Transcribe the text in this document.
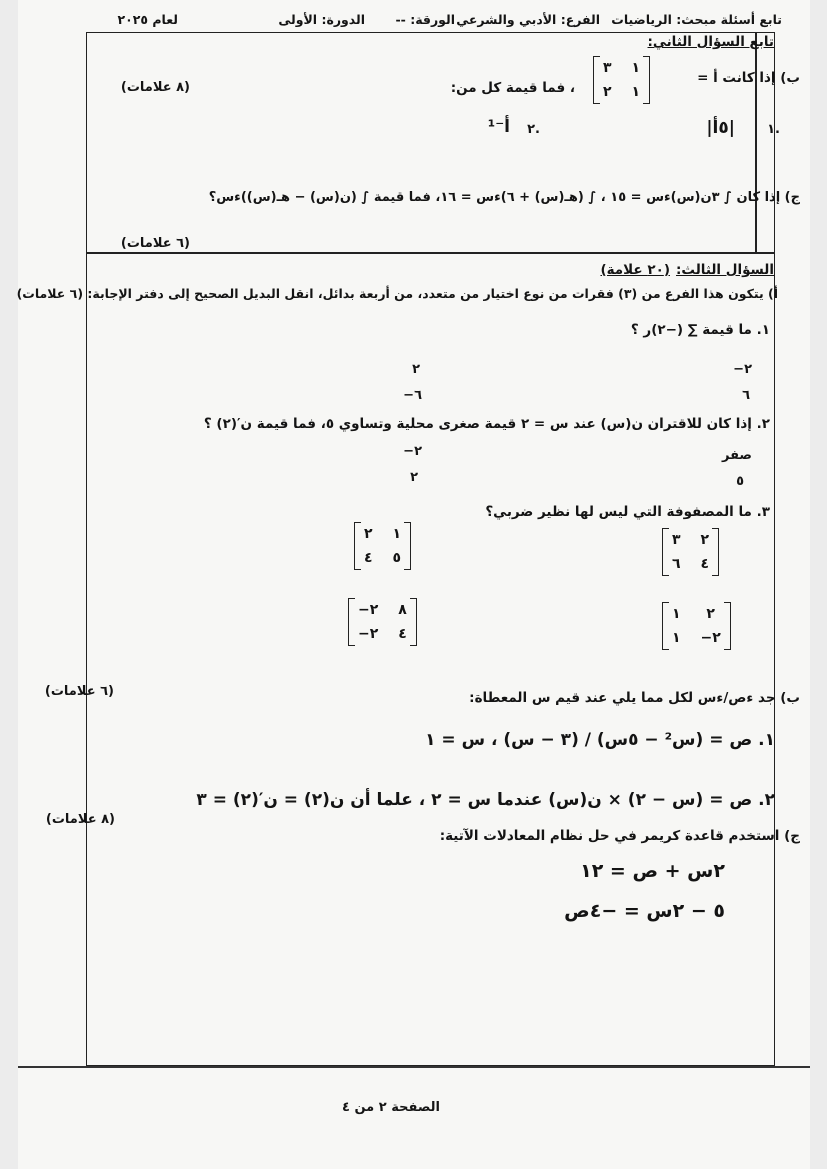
تابع أسئلة مبحث: الرياضيات
الفرع: الأدبي والشرعي
الورقة: --
الدورة: الأولى
لعام ٢٠٢٥
تابع السؤال الثاني:
ب) إذا كانت أ =
٣	١
٢	١
، فما قيمة كل من:
(٨ علامات)
١.
|٥أ|
٢.
أ⁻¹
ج) إذا كان ∫ ٣ن(س)ءس = ١٥ ، ∫ (هـ(س) + ٦)ءس = ١٦، فما قيمة ∫ (ن(س) − هـ(س))ءس؟
(٦ علامات)
السؤال الثالث:
(٢٠ علامة)
أ) يتكون هذا الفرع من (٣) فقرات من نوع اختيار من متعدد، من أربعة بدائل، انقل البديل الصحيح إلى دفتر الإجابة: (٦ علامات)
١. ما قيمة ∑ (−٢)ر ؟
−٢
٢
٦
−٦
٢. إذا كان للاقتران ن(س) عند س = ٢ قيمة صغرى محلية وتساوي ٥، فما قيمة ن′(٢) ؟
صفر
−٢
٥
٢
٣. ما المصفوفة التي ليس لها نظير ضربي؟
٣	٢
٦	٤
٢	١
٤	٥
١	٢
١	−٢
−٢	٨
−٢	٤
ب) جد ءص/ءس لكل مما يلي عند قيم س المعطاة:
(٦ علامات)
١. ص = (س² − ٥س) / (٣ − س) ، س = ١
٢. ص = (س − ٢) × ن(س) عندما س = ٢ ، علما أن ن(٢) = ن′(٢) = ٣
ج) استخدم قاعدة كريمر في حل نظام المعادلات الآتية:
(٨ علامات)
٢س + ص = ١٢
٥ − ٢س = −٤ص
الصفحة ٢ من ٤
